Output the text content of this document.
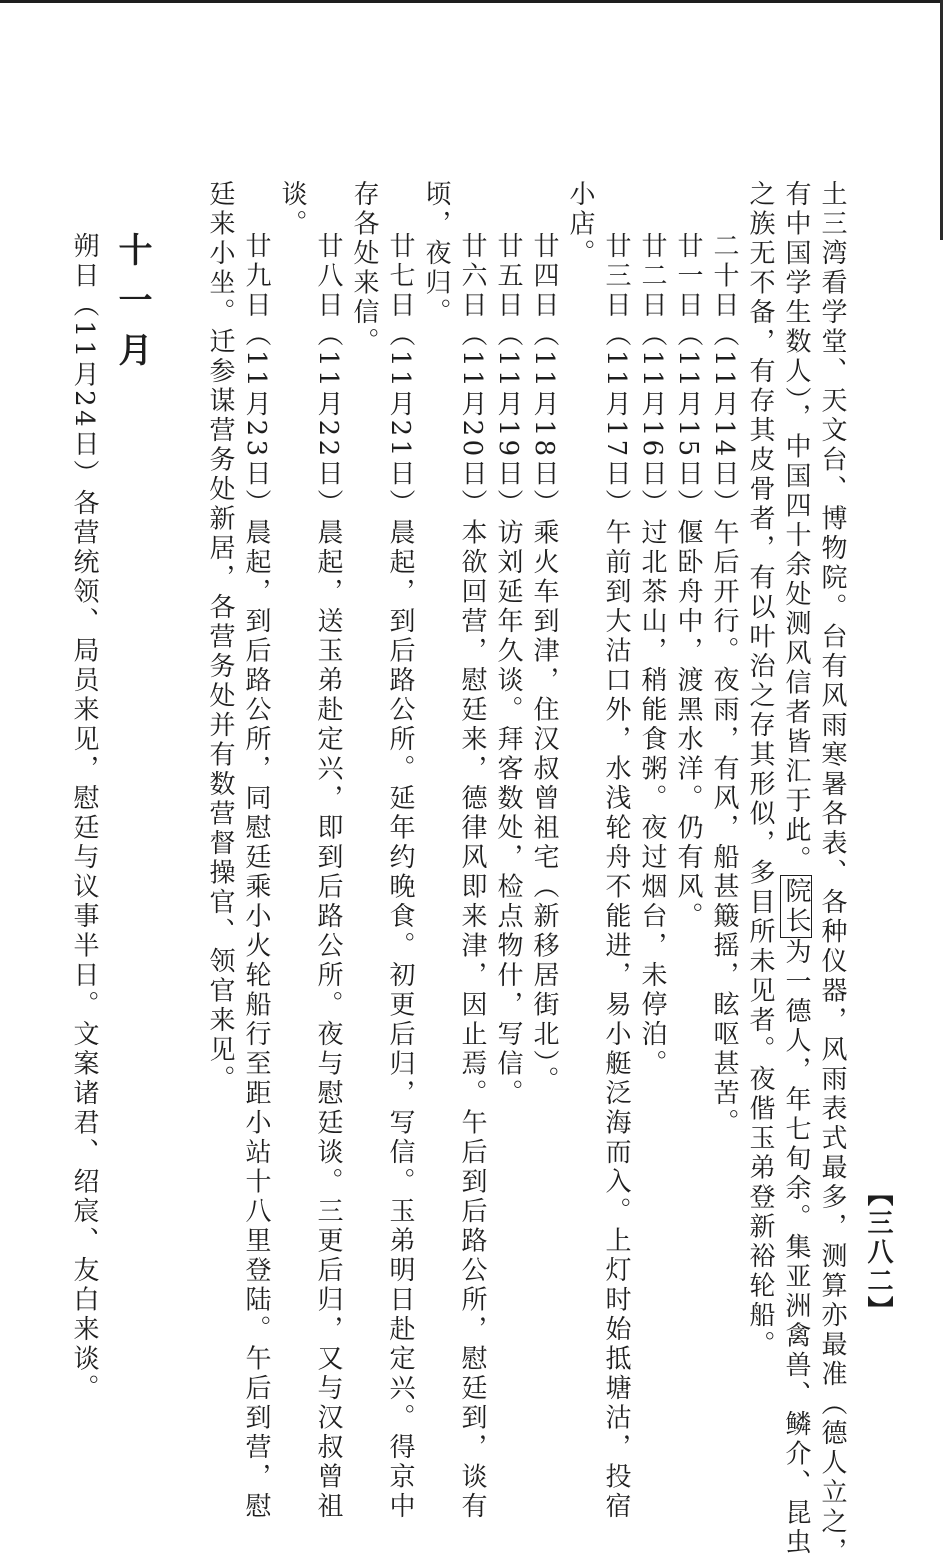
【三八二】
土三湾看学堂、天文台、博物院。台有风雨寒暑各表、各种仪器，风雨表式最多，测算亦最准（德人立之，
有中国学生数人），中国四十余处测风信者皆汇于此。院长为一德人，年七旬余。集亚洲禽兽、鳞介、昆虫
之族无不备，有存其皮骨者，有以叶治之存其形似，多目所未见者。夜偕玉弟登新裕轮船。
二十日（11月14日）午后开行。夜雨，有风，船甚簸摇，眩呕甚苦。
廿一日（11月15日）偃卧舟中，渡黑水洋。仍有风。
廿二日（11月16日）过北茶山，稍能食粥。夜过烟台，未停泊。
廿三日（11月17日）午前到大沽口外，水浅轮舟不能进，易小艇泛海而入。上灯时始抵塘沽，投宿
小店。
廿四日（11月18日）乘火车到津，住汉叔曾祖宅（新移居街北）。
廿五日（11月19日）访刘延年久谈。拜客数处，检点物什，写信。
廿六日（11月20日）本欲回营，慰廷来，德律风即来津，因止焉。午后到后路公所，慰廷到，谈有
顷，夜归。
廿七日（11月21日）晨起，到后路公所。延年约晚食。初更后归，写信。玉弟明日赴定兴。得京中
存各处来信。
廿八日（11月22日）晨起，送玉弟赴定兴，即到后路公所。夜与慰廷谈。三更后归，又与汉叔曾祖
谈。
廿九日（11月23日）晨起，到后路公所，同慰廷乘小火轮船行至距小站十八里登陆。午后到营，慰
廷来小坐。迁参谋营务处新居，各营务处并有数营督操官、领官来见。
十一月
朔日（11月24日）各营统领、局员来见，慰廷与议事半日。文案诸君、绍宸、友白来谈。
